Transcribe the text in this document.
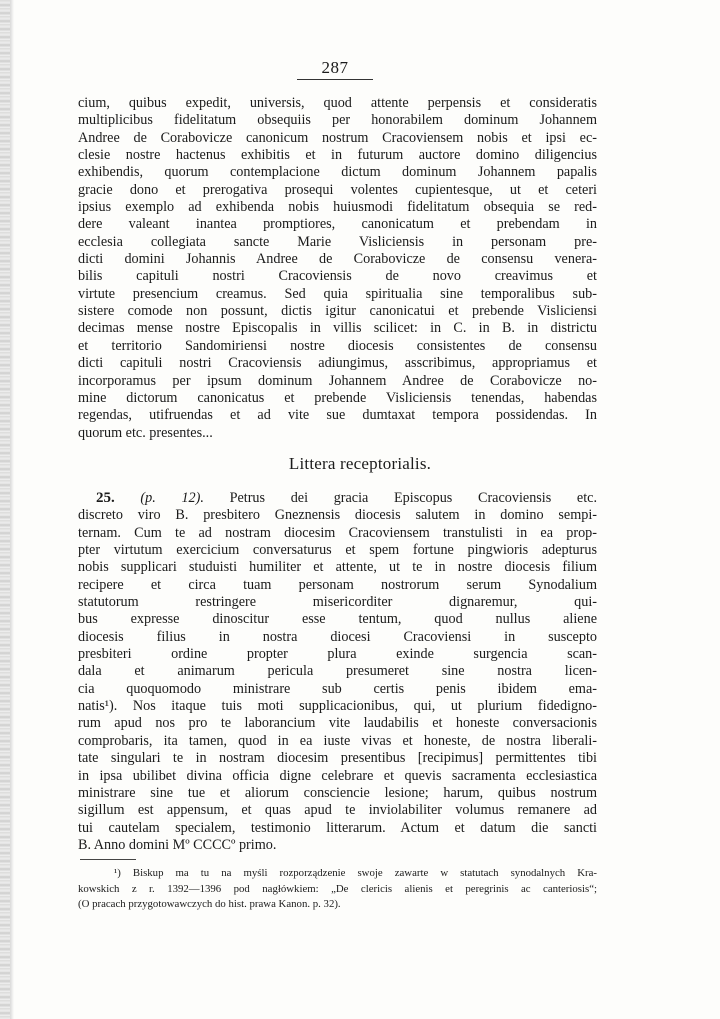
287
cium, quibus expedit, universis, quod attente perpensis et consideratis
multiplicibus fidelitatum obsequiis per honorabilem dominum Johannem
Andree de Corabovicze canonicum nostrum Cracoviensem nobis et ipsi ec-
clesie nostre hactenus exhibitis et in futurum auctore domino diligencius
exhibendis, quorum contemplacione dictum dominum Johannem papalis
gracie dono et prerogativa prosequi volentes cupientesque, ut et ceteri
ipsius exemplo ad exhibenda nobis huiusmodi fidelitatum obsequia se red-
dere valeant inantea promptiores, canonicatum et prebendam in
ecclesia collegiata sancte Marie Visliciensis in personam pre-
dicti domini Johannis Andree de Corabovicze de consensu venera-
bilis capituli nostri Cracoviensis de novo creavimus et
virtute presencium creamus. Sed quia spiritualia sine temporalibus sub-
sistere comode non possunt, dictis igitur canonicatui et prebende Visliciensi
decimas mense nostre Episcopalis in villis scilicet: in C. in B. in districtu
et territorio Sandomiriensi nostre diocesis consistentes de consensu
dicti capituli nostri Cracoviensis adiungimus, asscribimus, appropriamus et
incorporamus per ipsum dominum Johannem Andree de Corabovicze no-
mine dictorum canonicatus et prebende Visliciensis tenendas, habendas
regendas, utifruendas et ad vite sue dumtaxat tempora possidendas. In
quorum etc. presentes...
Littera receptorialis.
25. (p. 12). Petrus dei gracia Episcopus Cracoviensis etc.
discreto viro B. presbitero Gneznensis diocesis salutem in domino sempi-
ternam. Cum te ad nostram diocesim Cracoviensem transtulisti in ea prop-
pter virtutum exercicium conversaturus et spem fortune pingwioris adepturus
nobis supplicari studuisti humiliter et attente, ut te in nostre diocesis filium
recipere et circa tuam personam nostrorum serum Synodalium
statutorum restringere misericorditer dignaremur, qui-
bus expresse dinoscitur esse tentum, quod nullus aliene
diocesis filius in nostra diocesi Cracoviensi in suscepto
presbiteri ordine propter plura exinde surgencia scan-
dala et animarum pericula presumeret sine nostra licen-
cia quoquomodo ministrare sub certis penis ibidem ema-
natis¹). Nos itaque tuis moti supplicacionibus, qui, ut plurium fidedigno-
rum apud nos pro te laborancium vite laudabilis et honeste conversacionis
comprobaris, ita tamen, quod in ea iuste vivas et honeste, de nostra liberali-
tate singulari te in nostram diocesim presentibus [recipimus] permittentes tibi
in ipsa ubilibet divina officia digne celebrare et quevis sacramenta ecclesiastica
ministrare sine tue et aliorum consciencie lesione; harum, quibus nostrum
sigillum est appensum, et quas apud te inviolabiliter volumus remanere ad
tui cautelam specialem, testimonio litterarum. Actum et datum die sancti
B. Anno domini Mº CCCCº primo.
¹) Biskup ma tu na myśli rozporządzenie swoje zawarte w statutach synodalnych Kra-
kowskich z r. 1392—1396 pod nagłówkiem: „De clericis alienis et peregrinis ac canteriosis“;
(O pracach przygotowawczych do hist. prawa Kanon. p. 32).
